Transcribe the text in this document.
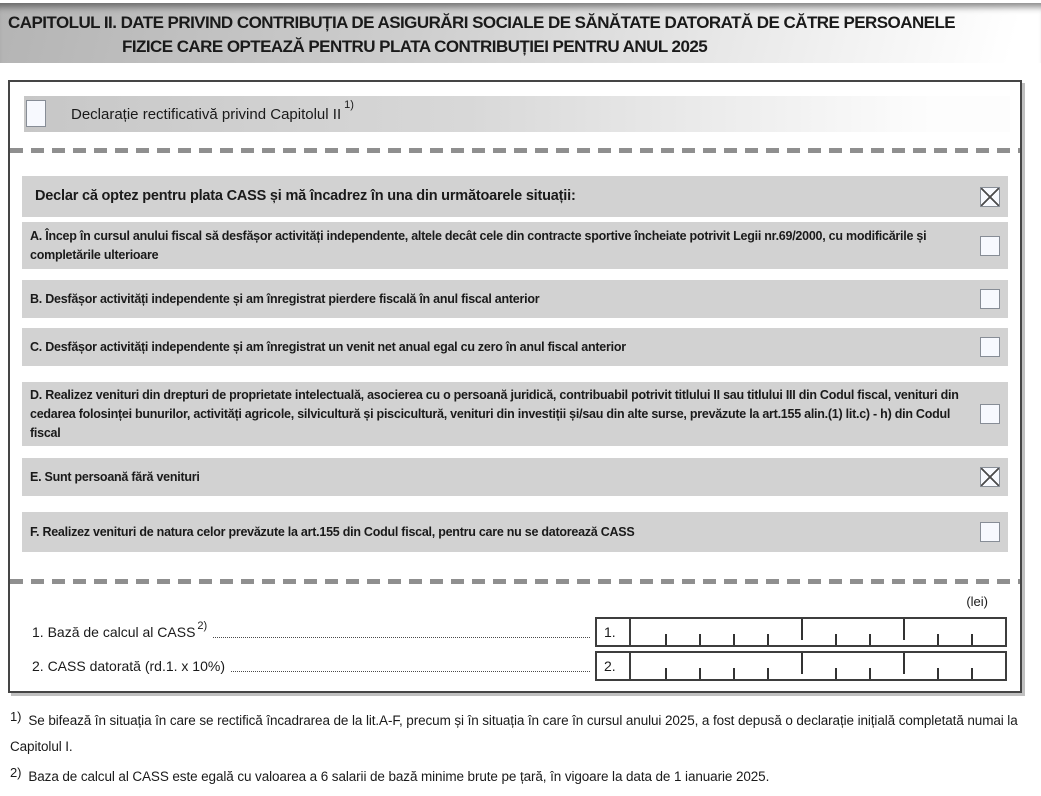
CAPITOLUL II. DATE PRIVIND CONTRIBUȚIA DE ASIGURĂRI SOCIALE DE SĂNĂTATE DATORATĂ DE CĂTRE PERSOANELE
FIZICE CARE OPTEAZĂ PENTRU PLATA CONTRIBUȚIEI PENTRU ANUL 2025
Declarație rectificativă privind Capitolul II$^{1)}$
Declar că optez pentru plata CASS și mă încadrez în una din următoarele situații:
A. Încep în cursul anului fiscal să desfășor activități independente, altele decât cele din contracte sportive încheiate potrivit Legii nr.69/2000, cu modificările și completările ulterioare
B. Desfășor activități independente și am înregistrat pierdere fiscală în anul fiscal anterior
C. Desfășor activități independente și am înregistrat un venit net anual egal cu zero în anul fiscal anterior
D. Realizez venituri din drepturi de proprietate intelectuală, asocierea cu o persoană juridică, contribuabil potrivit titlului II sau titlului III din Codul fiscal, venituri din cedarea folosinței bunurilor, activități agricole, silvicultură și piscicultură, venituri din investiții și/sau din alte surse, prevăzute la art.155 alin.(1) lit.c) - h) din Codul fiscal
E. Sunt persoană fără venituri
F. Realizez venituri de natura celor prevăzute la art.155 din Codul fiscal, pentru care nu se datorează CASS
(lei)
1. Bază de calcul al CASS$^{2)}$	1.
2. CASS datorată (rd.1. x 10%)	2.
1) Se bifează în situația în care se rectifică încadrarea de la lit.A-F, precum și în situația în care în cursul anului 2025, a fost depusă o declarație inițială completată numai la Capitolul I.
2) Baza de calcul al CASS este egală cu valoarea a 6 salarii de bază minime brute pe țară, în vigoare la data de 1 ianuarie 2025.
